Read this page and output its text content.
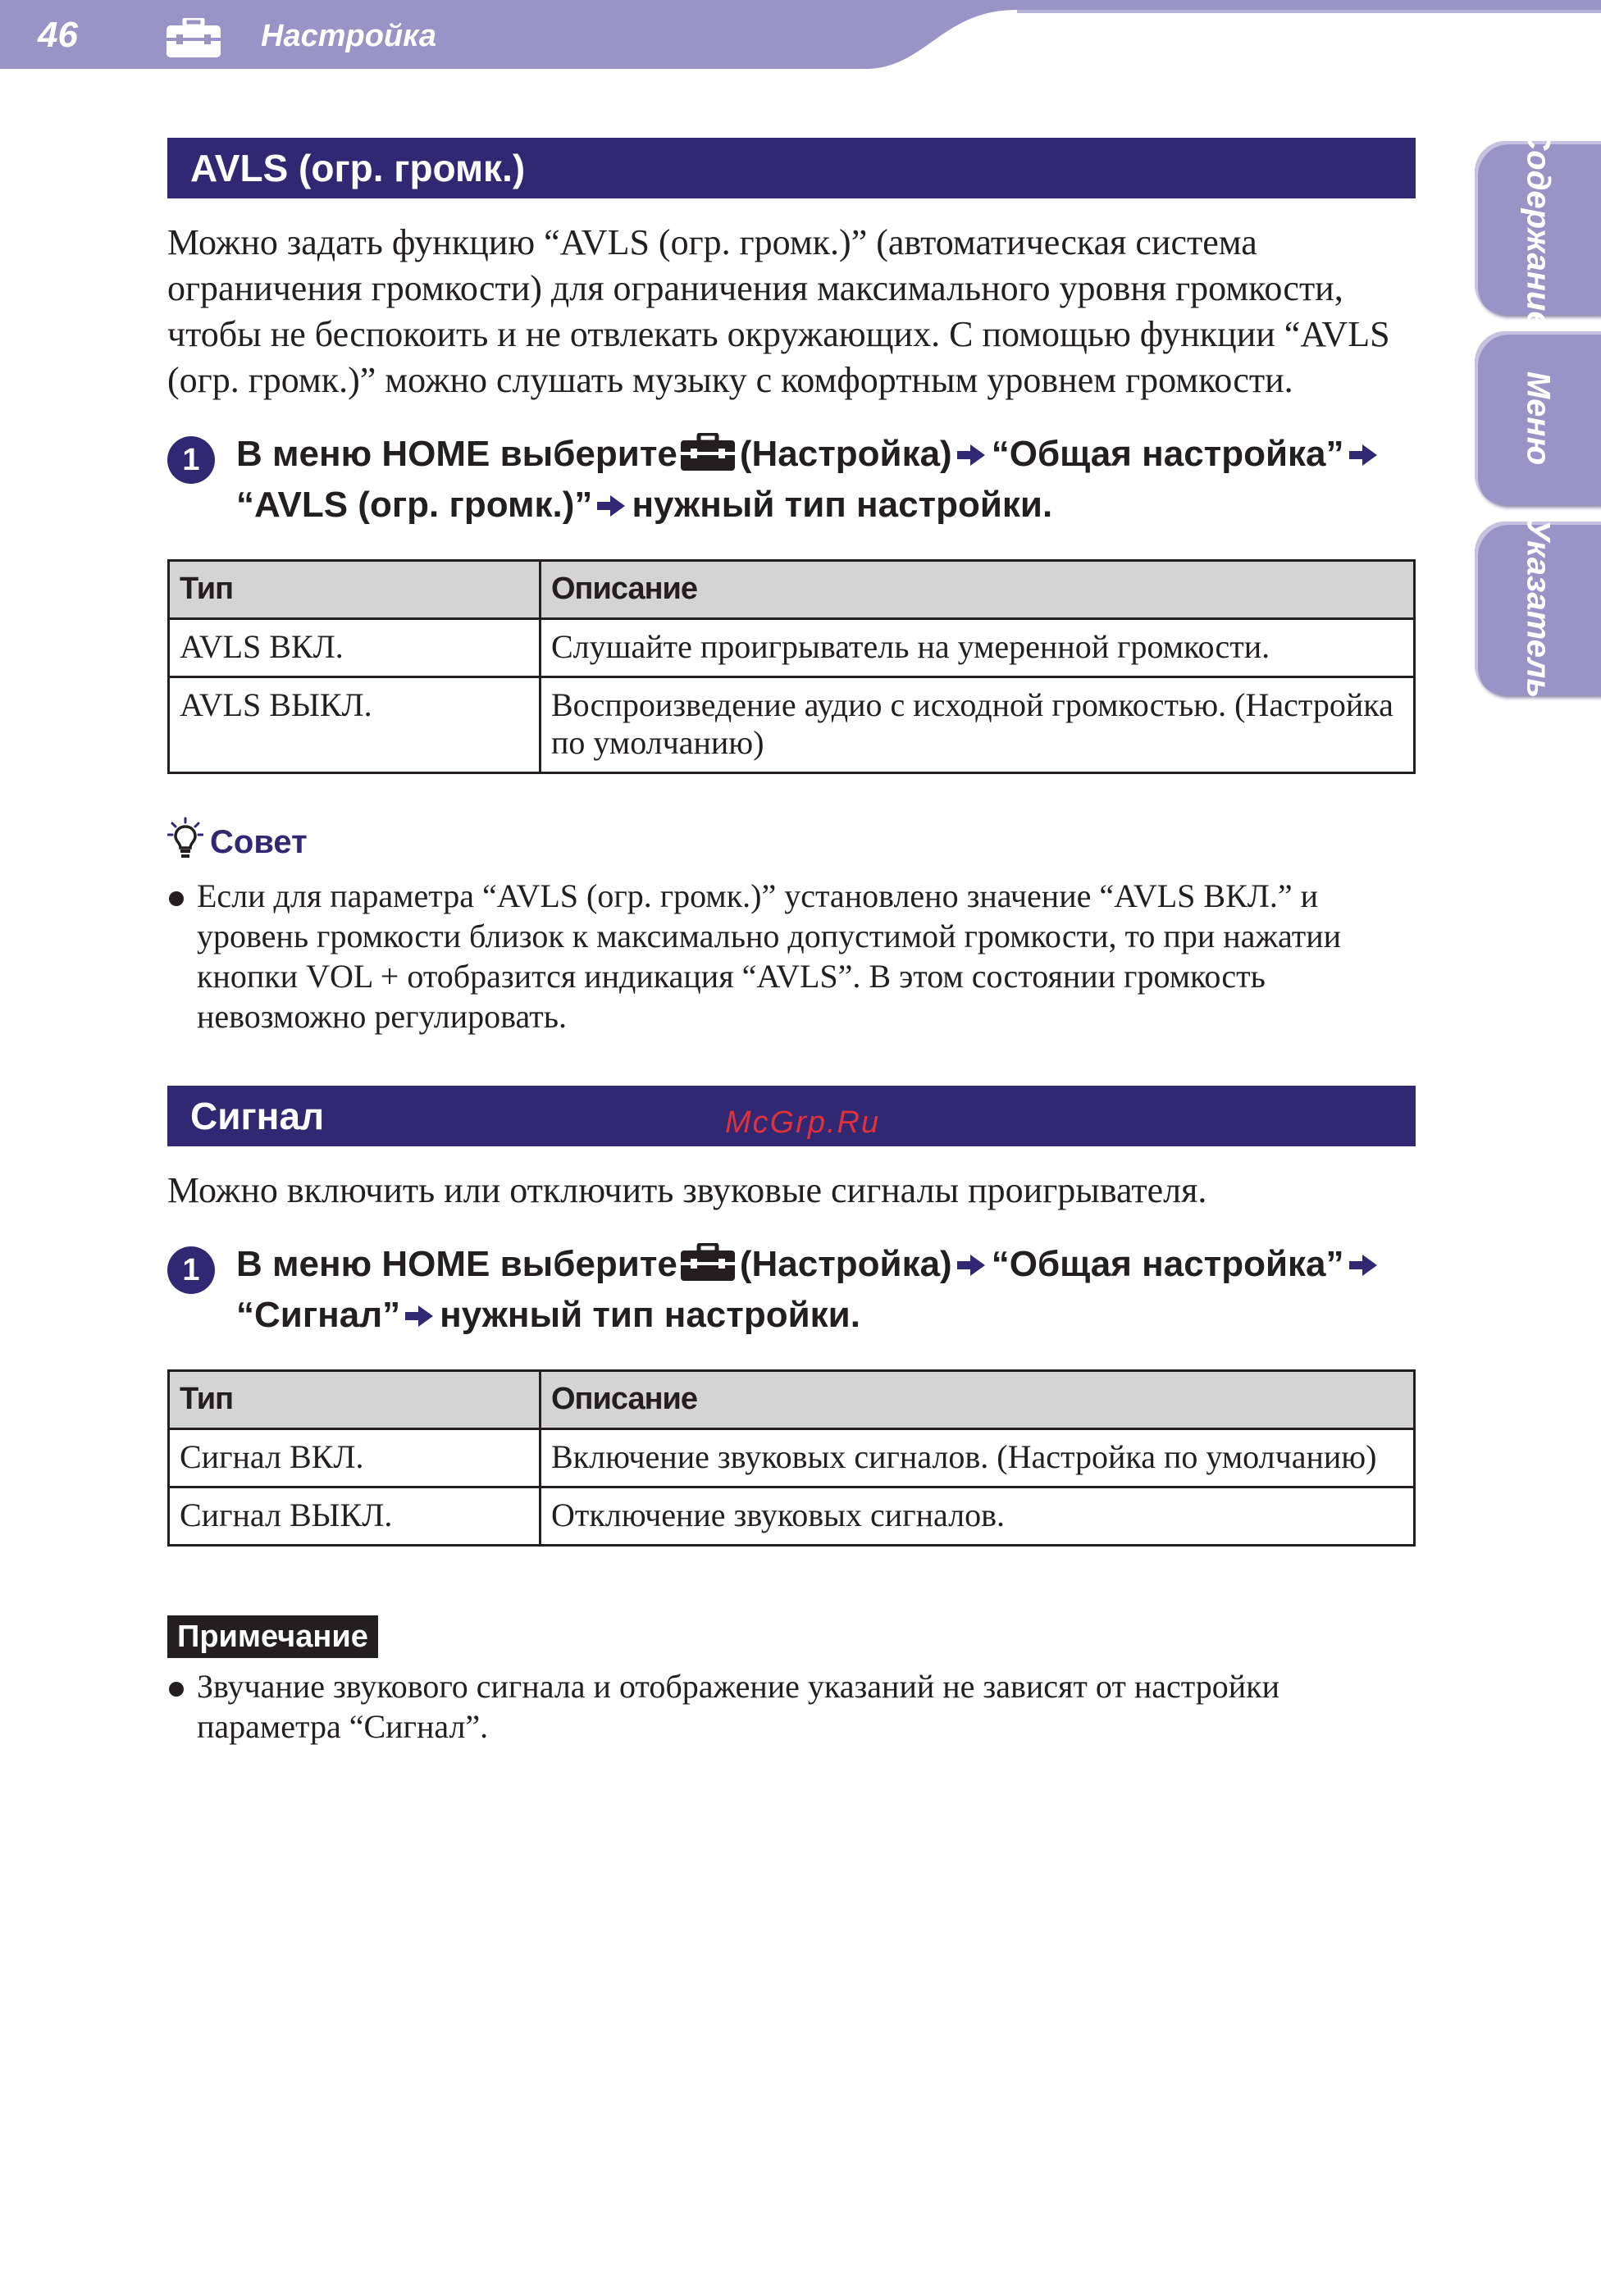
46	Настройка
Содержание
Меню
Указатель
AVLS (огр. громк.)

Можно задать функцию “AVLS (огр. громк.)” (автоматическая система ограничения громкости) для ограничения максимального уровня громкости, чтобы не беспокоить и не отвлекать окружающих. С помощью функции “AVLS (огр. громк.)” можно слушать музыку с комфортным уровнем громкости.

1	В меню HOME выберите (Настройка) “Общая настройка”
“AVLS (огр. громк.)” нужный тип настройки.
Тип	Описание
AVLS ВКЛ.	Слушайте проигрыватель на умеренной громкости.
AVLS ВЫКЛ.	Воспроизведение аудио с исходной громкостью. (Настройка по умолчанию)
Совет
Если для параметра “AVLS (огр. громк.)” установлено значение “AVLS ВКЛ.” и уровень громкости близок к максимально допустимой громкости, то при нажатии кнопки VOL + отобразится индикация “AVLS”. В этом состоянии громкость невозможно регулировать.
Сигнал	McGrp.Ru

Можно включить или отключить звуковые сигналы проигрывателя.

1	В меню HOME выберите (Настройка) “Общая настройка”
“Сигнал” нужный тип настройки.
Тип	Описание
Сигнал ВКЛ.	Включение звуковых сигналов. (Настройка по умолчанию)
Сигнал ВЫКЛ.	Отключение звуковых сигналов.
Примечание
Звучание звукового сигнала и отображение указаний не зависят от настройки параметра “Сигнал”.
